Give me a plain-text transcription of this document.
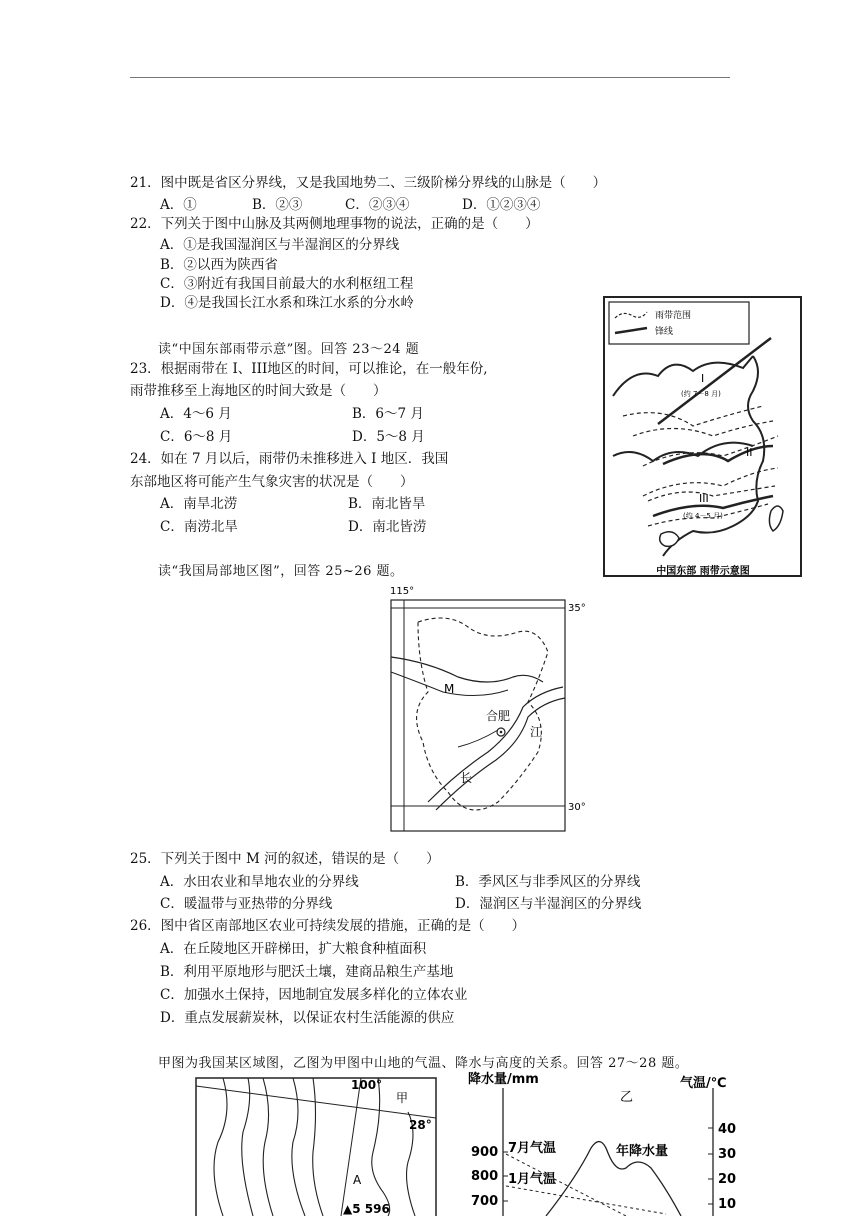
21．图中既是省区分界线，又是我国地势二、三级阶梯分界线的山脉是（　　）
A．①	B．②③	C．②③④	D．①②③④
22．下列关于图中山脉及其两侧地理事物的说法，正确的是（　　）
A．①是我国湿润区与半湿润区的分界线
B．②以西为陕西省
C．③附近有我国目前最大的水利枢纽工程
D．④是我国长江水系和珠江水系的分水岭
读“中国东部雨带示意”图。回答 23～24 题
23．根据雨带在 I、III地区的时间，可以推论，在一般年份,
雨带推移至上海地区的时间大致是（　　）
A．4～6 月	B．6～7 月
C．6～8 月	D．5～8 月
24．如在 7 月以后，雨带仍未推移进入 I 地区．我国
东部地区将可能产生气象灾害的状况是（　　）
A．南旱北涝	B．南北皆旱
C．南涝北旱	D．南北皆涝
雨带范围
锋线
I
(约 7－8 月)
II
III
(约 4－5 月)
中国东部 雨带示意图
读“我国局部地区图”，回答 25~26 题。
115°
35°
30°
M
合肥
江
长
25．下列关于图中 M 河的叙述，错误的是（　　）
A．水田农业和旱地农业的分界线	B．季风区与非季风区的分界线
C．暖温带与亚热带的分界线	D．湿润区与半湿润区的分界线
26．图中省区南部地区农业可持续发展的措施，正确的是（　　）
A．在丘陵地区开辟梯田，扩大粮食种植面积
B．利用平原地形与肥沃土壤，建商品粮生产基地
C．加强水土保持，因地制宜发展多样化的立体农业
D．重点发展薪炭林，以保证农村生活能源的供应
甲图为我国某区域图，乙图为甲图中山地的气温、降水与高度的关系。回答 27～28 题。
100°
甲
28°
A
▲5 596
降水量/mm	气温/℃
乙
900
800
700
40
30
20
10
7月气温
1月气温
年降水量
